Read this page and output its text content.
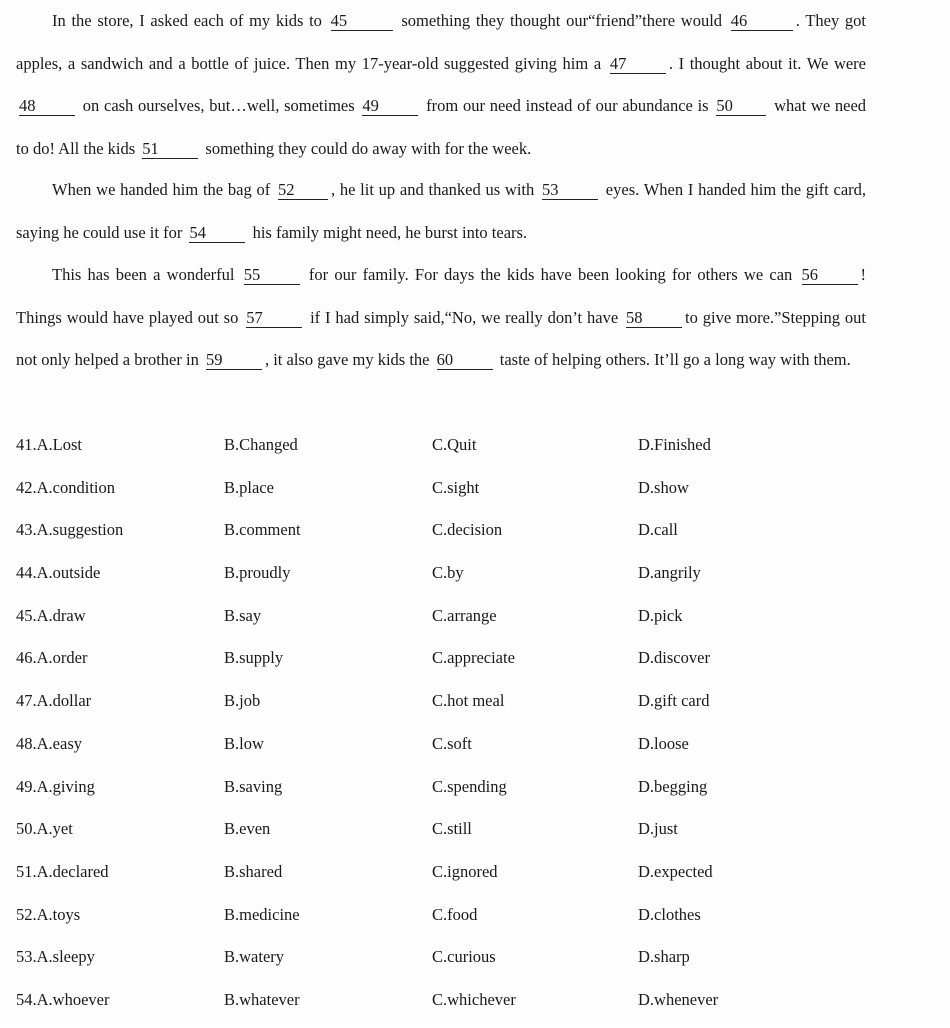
In the store, I asked each of my kids to 45	something they thought our“friend”there would 46	. They got apples, a sandwich and a bottle of juice. Then my 17-year-old suggested giving him a 47	. I thought about it. We were 48	on cash ourselves, but…well, sometimes 49	from our need instead of our abundance is 50	what we need to do! All the kids 51	something they could do away with for the week.

When we handed him the bag of 52 , he lit up and thanked us with 53	eyes. When I handed him the gift card, saying he could use it for 54	his family might need, he burst into tears.

This has been a wonderful 55	for our family. For days the kids have been looking for others we can 56	! Things would have played out so 57	if I had simply said,“No, we really don’t have 58	to give more.”Stepping out not only helped a brother in 59	, it also gave my kids the 60	taste of helping others. It’ll go a long way with them.

41.A.Lost	B.Changed	C.Quit	D.Finished
42.A.condition	B.place	C.sight	D.show
43.A.suggestion	B.comment	C.decision	D.call
44.A.outside	B.proudly	C.by	D.angrily
45.A.draw	B.say	C.arrange	D.pick
46.A.order	B.supply	C.appreciate	D.discover
47.A.dollar	B.job	C.hot meal	D.gift card
48.A.easy	B.low	C.soft	D.loose
49.A.giving	B.saving	C.spending	D.begging
50.A.yet	B.even	C.still	D.just
51.A.declared	B.shared	C.ignored	D.expected
52.A.toys	B.medicine	C.food	D.clothes
53.A.sleepy	B.watery	C.curious	D.sharp
54.A.whoever	B.whatever	C.whichever	D.whenever
